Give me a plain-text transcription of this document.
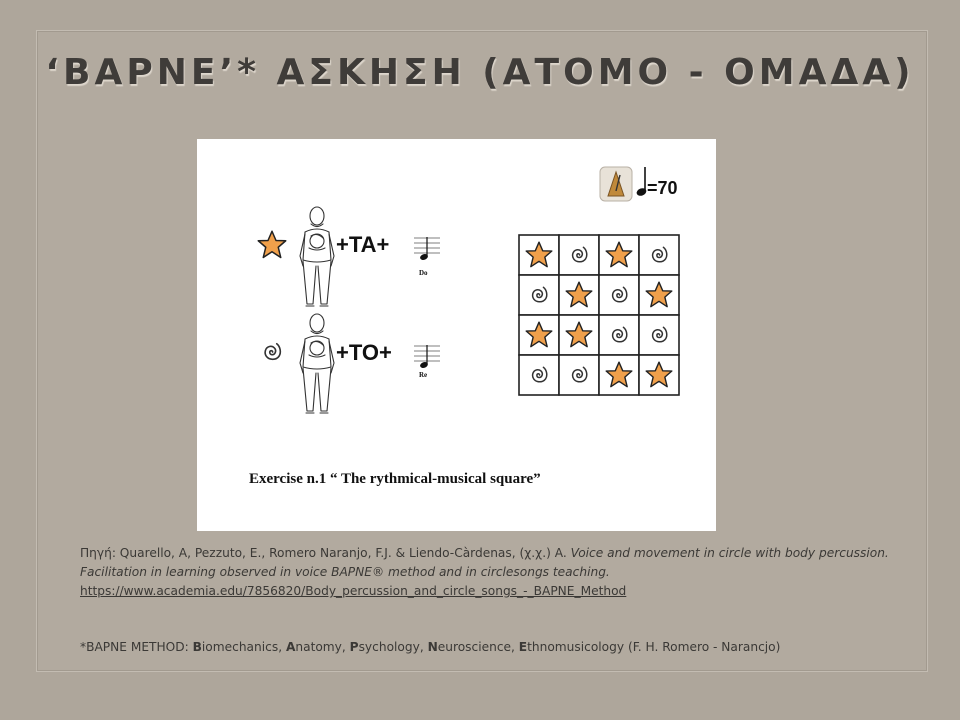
‘BAPNE’* ΑΣΚΗΣΗ (ΑΤΟΜΟ - ΟΜΑΔΑ)
=70
+TA+
Do
+TO+
Re
Exercise n.1 “ The rythmical-musical square”
Πηγή: Quarello, A, Pezzuto, E., Romero Naranjo, F.J. & Liendo-Càrdenas, (χ.χ.) A. Voice and movement in circle with body percussion. Facilitation in learning observed in voice BAPNE® method and in circlesongs teaching. https://www.academia.edu/7856820/Body_percussion_and_circle_songs_-_BAPNE_Method
*BAPNE METHOD: Biomechanics, Anatomy, Psychology, Neuroscience, Ethnomusicology (F. H. Romero - Narancjo)
